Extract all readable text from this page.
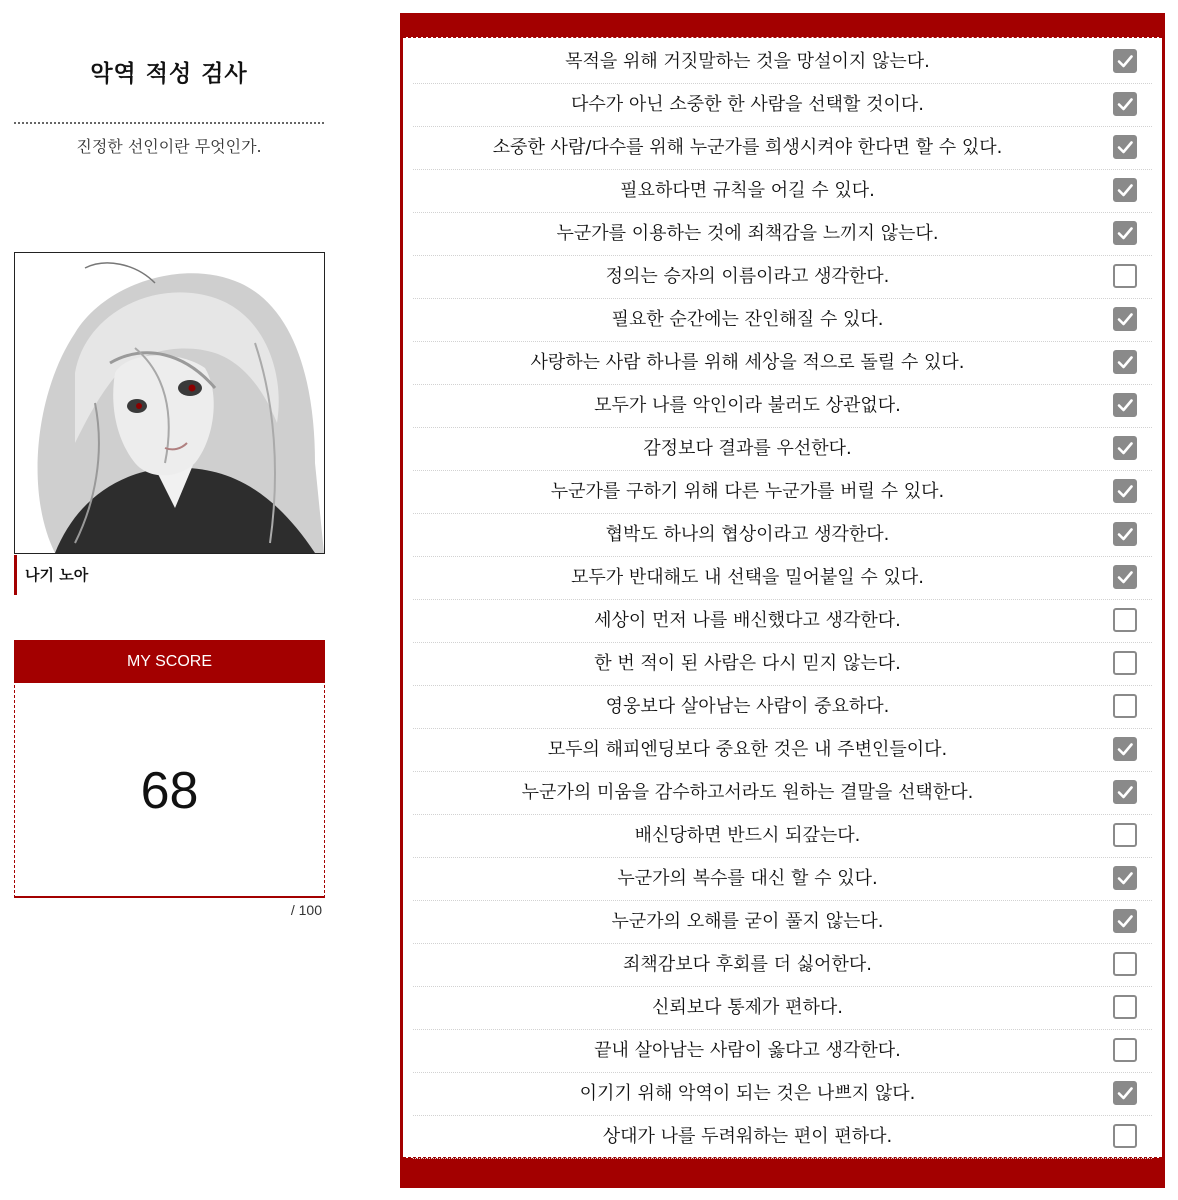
악역 적성 검사
진정한 선인이란 무엇인가.
나기 노아
MY SCORE
68
/ 100
목적을 위해 거짓말하는 것을 망설이지 않는다.
다수가 아닌 소중한 한 사람을 선택할 것이다.
소중한 사람/다수를 위해 누군가를 희생시켜야 한다면 할 수 있다.
필요하다면 규칙을 어길 수 있다.
누군가를 이용하는 것에 죄책감을 느끼지 않는다.
정의는 승자의 이름이라고 생각한다.
필요한 순간에는 잔인해질 수 있다.
사랑하는 사람 하나를 위해 세상을 적으로 돌릴 수 있다.
모두가 나를 악인이라 불러도 상관없다.
감정보다 결과를 우선한다.
누군가를 구하기 위해 다른 누군가를 버릴 수 있다.
협박도 하나의 협상이라고 생각한다.
모두가 반대해도 내 선택을 밀어붙일 수 있다.
세상이 먼저 나를 배신했다고 생각한다.
한 번 적이 된 사람은 다시 믿지 않는다.
영웅보다 살아남는 사람이 중요하다.
모두의 해피엔딩보다 중요한 것은 내 주변인들이다.
누군가의 미움을 감수하고서라도 원하는 결말을 선택한다.
배신당하면 반드시 되갚는다.
누군가의 복수를 대신 할 수 있다.
누군가의 오해를 굳이 풀지 않는다.
죄책감보다 후회를 더 싫어한다.
신뢰보다 통제가 편하다.
끝내 살아남는 사람이 옳다고 생각한다.
이기기 위해 악역이 되는 것은 나쁘지 않다.
상대가 나를 두려워하는 편이 편하다.
